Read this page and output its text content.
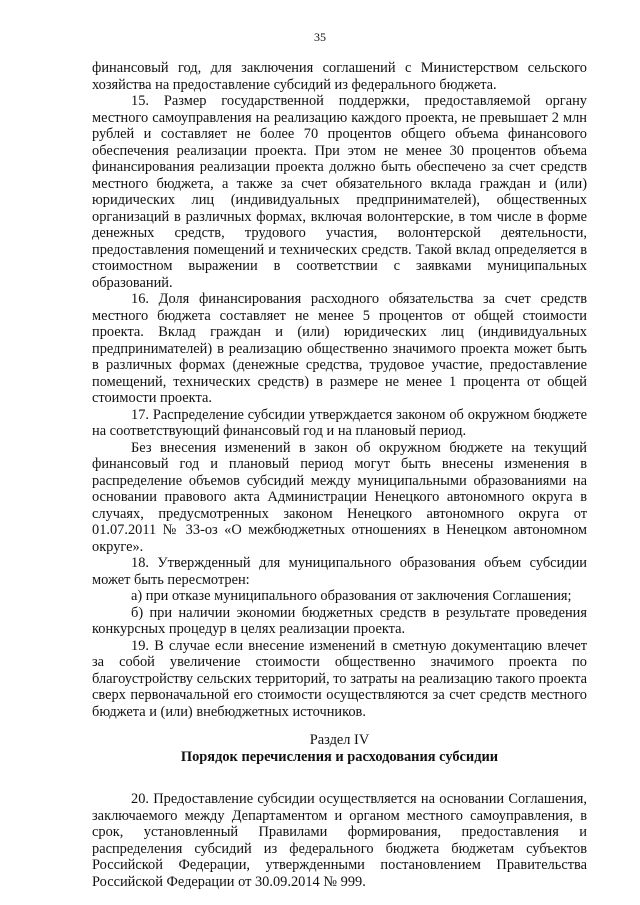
35

финансовый год, для заключения соглашений с Министерством сельского хозяйства на предоставление субсидий из федерального бюджета.

15. Размер государственной поддержки, предоставляемой органу местного самоуправления на реализацию каждого проекта, не превышает 2 млн рублей и составляет не более 70 процентов общего объема финансового обеспечения реализации проекта. При этом не менее 30 процентов объема финансирования реализации проекта должно быть обеспечено за счет средств местного бюджета, а также за счет обязательного вклада граждан и (или) юридических лиц (индивидуальных предпринимателей), общественных организаций в различных формах, включая волонтерские, в том числе в форме денежных средств, трудового участия, волонтерской деятельности, предоставления помещений и технических средств. Такой вклад определяется в стоимостном выражении в соответствии с заявками муниципальных образований.

16. Доля финансирования расходного обязательства за счет средств местного бюджета составляет не менее 5 процентов от общей стоимости проекта. Вклад граждан и (или) юридических лиц (индивидуальных предпринимателей) в реализацию общественно значимого проекта может быть в различных формах (денежные средства, трудовое участие, предоставление помещений, технических средств) в размере не менее 1 процента от общей стоимости проекта.

17. Распределение субсидии утверждается законом об окружном бюджете на соответствующий финансовый год и на плановый период.

Без внесения изменений в закон об окружном бюджете на текущий финансовый год и плановый период могут быть внесены изменения в распределение объемов субсидий между муниципальными образованиями на основании правового акта Администрации Ненецкого автономного округа в случаях, предусмотренных законом Ненецкого автономного округа от 01.07.2011 № 33-оз «О межбюджетных отношениях в Ненецком автономном округе».

18. Утвержденный для муниципального образования объем субсидии может быть пересмотрен:

а) при отказе муниципального образования от заключения Соглашения;

б) при наличии экономии бюджетных средств в результате проведения конкурсных процедур в целях реализации проекта.

19. В случае если внесение изменений в сметную документацию влечет за собой увеличение стоимости общественно значимого проекта по благоустройству сельских территорий, то затраты на реализацию такого проекта сверх первоначальной его стоимости осуществляются за счет средств местного бюджета и (или) внебюджетных источников.

Раздел IV

Порядок перечисления и расходования субсидии

20. Предоставление субсидии осуществляется на основании Соглашения, заключаемого между Департаментом и органом местного самоуправления, в срок, установленный Правилами формирования, предоставления и распределения субсидий из федерального бюджета бюджетам субъектов Российской Федерации, утвержденными постановлением Правительства Российской Федерации от 30.09.2014 № 999.
